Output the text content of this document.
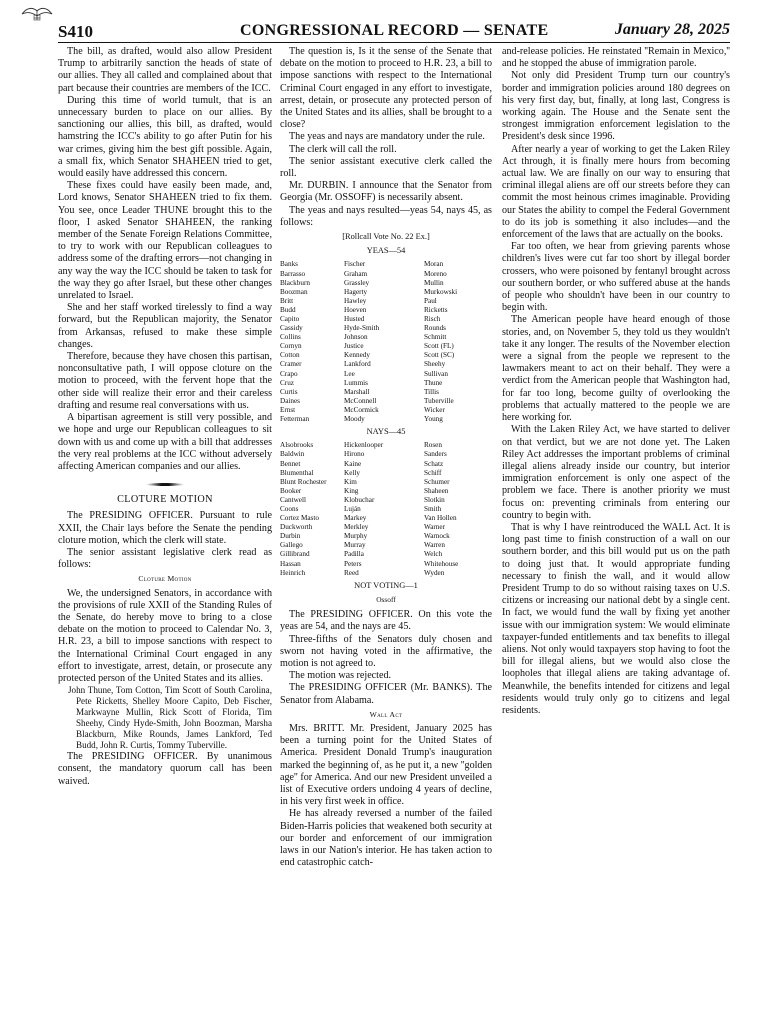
S410	CONGRESSIONAL RECORD — SENATE	January 28, 2025

The bill, as drafted, would also allow President Trump to arbitrarily sanction the heads of state of our allies. They all called and complained about that part because their countries are members of the ICC.

During this time of world tumult, that is an unnecessary burden to place on our allies. By sanctioning our allies, this bill, as drafted, would hamstring the ICC's ability to go after Putin for his war crimes, giving him the best gift possible. Again, a small fix, which Senator SHAHEEN tried to get, would easily have addressed this concern.

These fixes could have easily been made, and, Lord knows, Senator SHAHEEN tried to fix them. You see, once Leader THUNE brought this to the floor, I asked Senator SHAHEEN, the ranking member of the Senate Foreign Relations Committee, to try to work with our Republican colleagues to address some of the drafting errors—not changing in any way the way the ICC should be taken to task for the way they go after Israel, but these other changes unrelated to Israel.

She and her staff worked tirelessly to find a way forward, but the Republican majority, the Senator from Arkansas, refused to make these simple changes.

Therefore, because they have chosen this partisan, nonconsultative path, I will oppose cloture on the motion to proceed, with the fervent hope that the other side will realize their error and their careless drafting and resume real conversations with us.

A bipartisan agreement is still very possible, and we hope and urge our Republican colleagues to sit down with us and come up with a bill that addresses the very real problems at the ICC without adversely affecting American companies and our allies.

CLOTURE MOTION

The PRESIDING OFFICER. Pursuant to rule XXII, the Chair lays before the Senate the pending cloture motion, which the clerk will state.

The senior assistant legislative clerk read as follows:

Cloture Motion

We, the undersigned Senators, in accordance with the provisions of rule XXII of the Standing Rules of the Senate, do hereby move to bring to a close debate on the motion to proceed to Calendar No. 3, H.R. 23, a bill to impose sanctions with respect to the International Criminal Court engaged in any effort to investigate, arrest, detain, or prosecute any protected person of the United States and its allies.

John Thune, Tom Cotton, Tim Scott of South Carolina, Pete Ricketts, Shelley Moore Capito, Deb Fischer, Markwayne Mullin, Rick Scott of Florida, Tim Sheehy, Cindy Hyde-Smith, John Boozman, Marsha Blackburn, Mike Rounds, James Lankford, Ted Budd, John R. Curtis, Tommy Tuberville.

The PRESIDING OFFICER. By unanimous consent, the mandatory quorum call has been waived.

The question is, Is it the sense of the Senate that debate on the motion to proceed to H.R. 23, a bill to impose sanctions with respect to the International Criminal Court engaged in any effort to investigate, arrest, detain, or prosecute any protected person of the United States and its allies, shall be brought to a close?

The yeas and nays are mandatory under the rule.

The clerk will call the roll.

The senior assistant executive clerk called the roll.

Mr. DURBIN. I announce that the Senator from Georgia (Mr. OSSOFF) is necessarily absent.

The yeas and nays resulted—yeas 54, nays 45, as follows:

[Rollcall Vote No. 22 Ex.]
YEAS—54
Banks
Barrasso
Blackburn
Boozman
Britt
Budd
Capito
Cassidy
Collins
Cornyn
Cotton
Cramer
Crapo
Cruz
Curtis
Daines
Ernst
Fetterman
Fischer
Graham
Grassley
Hagerty
Hawley
Hoeven
Husted
Hyde-Smith
Johnson
Justice
Kennedy
Lankford
Lee
Lummis
Marshall
McConnell
McCormick
Moody
Moran
Moreno
Mullin
Murkowski
Paul
Ricketts
Risch
Rounds
Schmitt
Scott (FL)
Scott (SC)
Sheehy
Sullivan
Thune
Tillis
Tuberville
Wicker
Young
NAYS—45
Alsobrooks
Baldwin
Bennet
Blumenthal
Blunt Rochester
Booker
Cantwell
Coons
Cortez Masto
Duckworth
Durbin
Gallego
Gillibrand
Hassan
Heinrich
Hickenlooper
Hirono
Kaine
Kelly
Kim
King
Klobuchar
Luján
Markey
Merkley
Murphy
Murray
Padilla
Peters
Reed
Rosen
Sanders
Schatz
Schiff
Schumer
Shaheen
Slotkin
Smith
Van Hollen
Warner
Warnock
Warren
Welch
Whitehouse
Wyden
NOT VOTING—1
Ossoff

The PRESIDING OFFICER. On this vote the yeas are 54, and the nays are 45.

Three-fifths of the Senators duly chosen and sworn not having voted in the affirmative, the motion is not agreed to.

The motion was rejected.

The PRESIDING OFFICER (Mr. BANKS). The Senator from Alabama.

Wall Act

Mrs. BRITT. Mr. President, January 2025 has been a turning point for the United States of America. President Donald Trump's inauguration marked the beginning of, as he put it, a new ''golden age'' for America. And our new President unveiled a list of Executive orders undoing 4 years of decline, in his very first week in office.

He has already reversed a number of the failed Biden-Harris policies that weakened both security at our border and enforcement of our immigration laws in our Nation's interior. He has taken action to end catastrophic catch-

and-release policies. He reinstated ''Remain in Mexico,'' and he stopped the abuse of immigration parole.

Not only did President Trump turn our country's border and immigration policies around 180 degrees on his very first day, but, finally, at long last, Congress is working again. The House and the Senate sent the strongest immigration enforcement legislation to the President's desk since 1996.

After nearly a year of working to get the Laken Riley Act through, it is finally mere hours from becoming actual law. We are finally on our way to ensuring that criminal illegal aliens are off our streets before they can commit the most heinous crimes imaginable. Providing our States the ability to compel the Federal Government to do its job is something it also includes—and the enforcement of the laws that are actually on the books.

Far too often, we hear from grieving parents whose children's lives were cut far too short by illegal border crossers, who were poisoned by fentanyl brought across our southern border, or who suffered abuse at the hands of people who shouldn't have been in our country to begin with.

The American people have heard enough of those stories, and, on November 5, they told us they wouldn't take it any longer. The results of the November election were a signal from the people we represent to the lawmakers meant to act on their behalf. They were a verdict from the American people that Washington had, for far too long, become guilty of overlooking the problems that actually mattered to the people we are here working for.

With the Laken Riley Act, we have started to deliver on that verdict, but we are not done yet. The Laken Riley Act addresses the important problems of criminal illegal aliens already inside our country, but interior immigration enforcement is only one aspect of the problem we face. There is another priority we must focus on: preventing criminals from entering our country to begin with.

That is why I have reintroduced the WALL Act. It is long past time to finish construction of a wall on our southern border, and this bill would put us on the path to doing just that. It would appropriate funding necessary to finish the wall, and it would allow President Trump to do so without raising taxes on U.S. citizens or increasing our national debt by a single cent. In fact, we would fund the wall by fixing yet another issue with our immigration system: We would eliminate taxpayer-funded entitlements and tax benefits to illegal aliens. Not only would taxpayers stop having to foot the bill for illegal aliens, but we would also close the loopholes that illegal aliens are taking advantage of. Meanwhile, the benefits intended for citizens and legal residents would truly only go to citizens and legal residents.
